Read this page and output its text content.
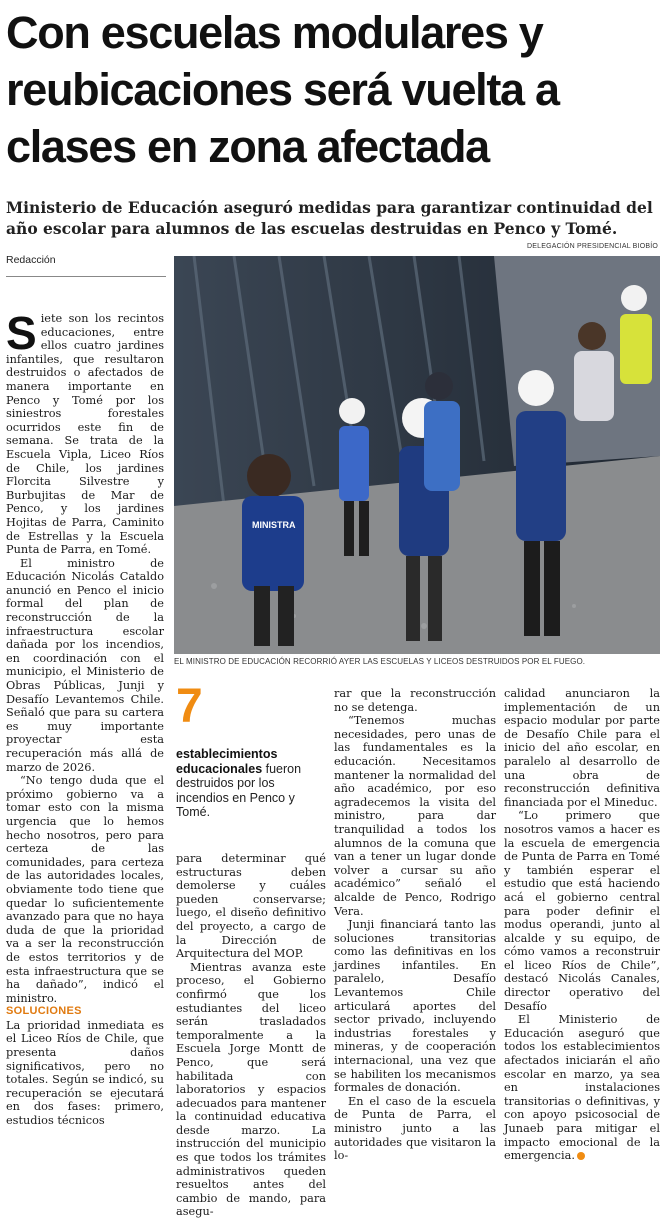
Con escuelas modulares y reubicaciones será vuelta a clases en zona afectada

Ministerio de Educación aseguró medidas para garantizar continuidad del año escolar para alumnos de las escuelas destruidas en Penco y Tomé.

DELEGACIÓN PRESIDENCIAL BIOBÍO
Redacción
MINISTRA
EL MINISTRO DE EDUCACIÓN RECORRIÓ AYER LAS ESCUELAS Y LICEOS DESTRUIDOS POR EL FUEGO.

Siete son los recintos educaciones, entre ellos cuatro jardines infantiles, que resultaron destruidos o afectados de manera importante en Penco y Tomé por los siniestros forestales ocurridos este fin de semana. Se trata de la Escuela Vipla, Liceo Ríos de Chile, los jardines Florcita Silvestre y Burbujitas de Mar de Penco, y los jardines Hojitas de Parra, Caminito de Estrellas y la Escuela Punta de Parra, en Tomé.

El ministro de Educación Nicolás Cataldo anunció en Penco el inicio formal del plan de reconstrucción de la infraestructura escolar dañada por los incendios, en coordinación con el municipio, el Ministerio de Obras Públicas, Junji y Desafío Levantemos Chile. Señaló que para su cartera es muy importante proyectar esta recuperación más allá de marzo de 2026.

“No tengo duda que el próximo gobierno va a tomar esto con la misma urgencia que lo hemos hecho nosotros, pero para certeza de las comunidades, para certeza de las autoridades locales, obviamente todo tiene que quedar lo suficientemente avanzado para que no haya duda de que la prioridad va a ser la reconstrucción de estos territorios y de esta infraestructura que se ha dañado”, indicó el ministro.

SOLUCIONES

La prioridad inmediata es el Liceo Ríos de Chile, que presenta daños significativos, pero no totales. Según se indicó, su recuperación se ejecutará en dos fases: primero, estudios técnicos

7
establecimientos educacionales fueron destruidos por los incendios en Penco y Tomé.

para determinar qué estructuras deben demolerse y cuáles pueden conservarse; luego, el diseño definitivo del proyecto, a cargo de la Dirección de Arquitectura del MOP.

Mientras avanza este proceso, el Gobierno confirmó que los estudiantes del liceo serán trasladados temporalmente a la Escuela Jorge Montt de Penco, que será habilitada con laboratorios y espacios adecuados para mantener la continuidad educativa desde marzo. La instrucción del municipio es que todos los trámites administrativos queden resueltos antes del cambio de mando, para asegu-

rar que la reconstrucción no se detenga.

“Tenemos muchas necesidades, pero unas de las fundamentales es la educación. Necesitamos mantener la normalidad del año académico, por eso agradecemos la visita del ministro, para dar tranquilidad a todos los alumnos de la comuna que van a tener un lugar donde volver a cursar su año académico” señaló el alcalde de Penco, Rodrigo Vera.

Junji financiará tanto las soluciones transitorias como las definitivas en los jardines infantiles. En paralelo, Desafío Levantemos Chile articulará aportes del sector privado, incluyendo industrias forestales y mineras, y de cooperación internacional, una vez que se habiliten los mecanismos formales de donación.

En el caso de la escuela de Punta de Parra, el ministro junto a las autoridades que visitaron la lo-

calidad anunciaron la implementación de un espacio modular por parte de Desafío Chile para el inicio del año escolar, en paralelo al desarrollo de una obra de reconstrucción definitiva financiada por el Mineduc.

“Lo primero que nosotros vamos a hacer es la escuela de emergencia de Punta de Parra en Tomé y también esperar el estudio que está haciendo acá el gobierno central para poder definir el modus operandi, junto al alcalde y su equipo, de cómo vamos a reconstruir el liceo Ríos de Chile”, destacó Nicolás Canales, director operativo del Desafío

El Ministerio de Educación aseguró que todos los establecimientos afectados iniciarán el año escolar en marzo, ya sea en instalaciones transitorias o definitivas, y con apoyo psicosocial de Junaeb para mitigar el impacto emocional de la emergencia.
